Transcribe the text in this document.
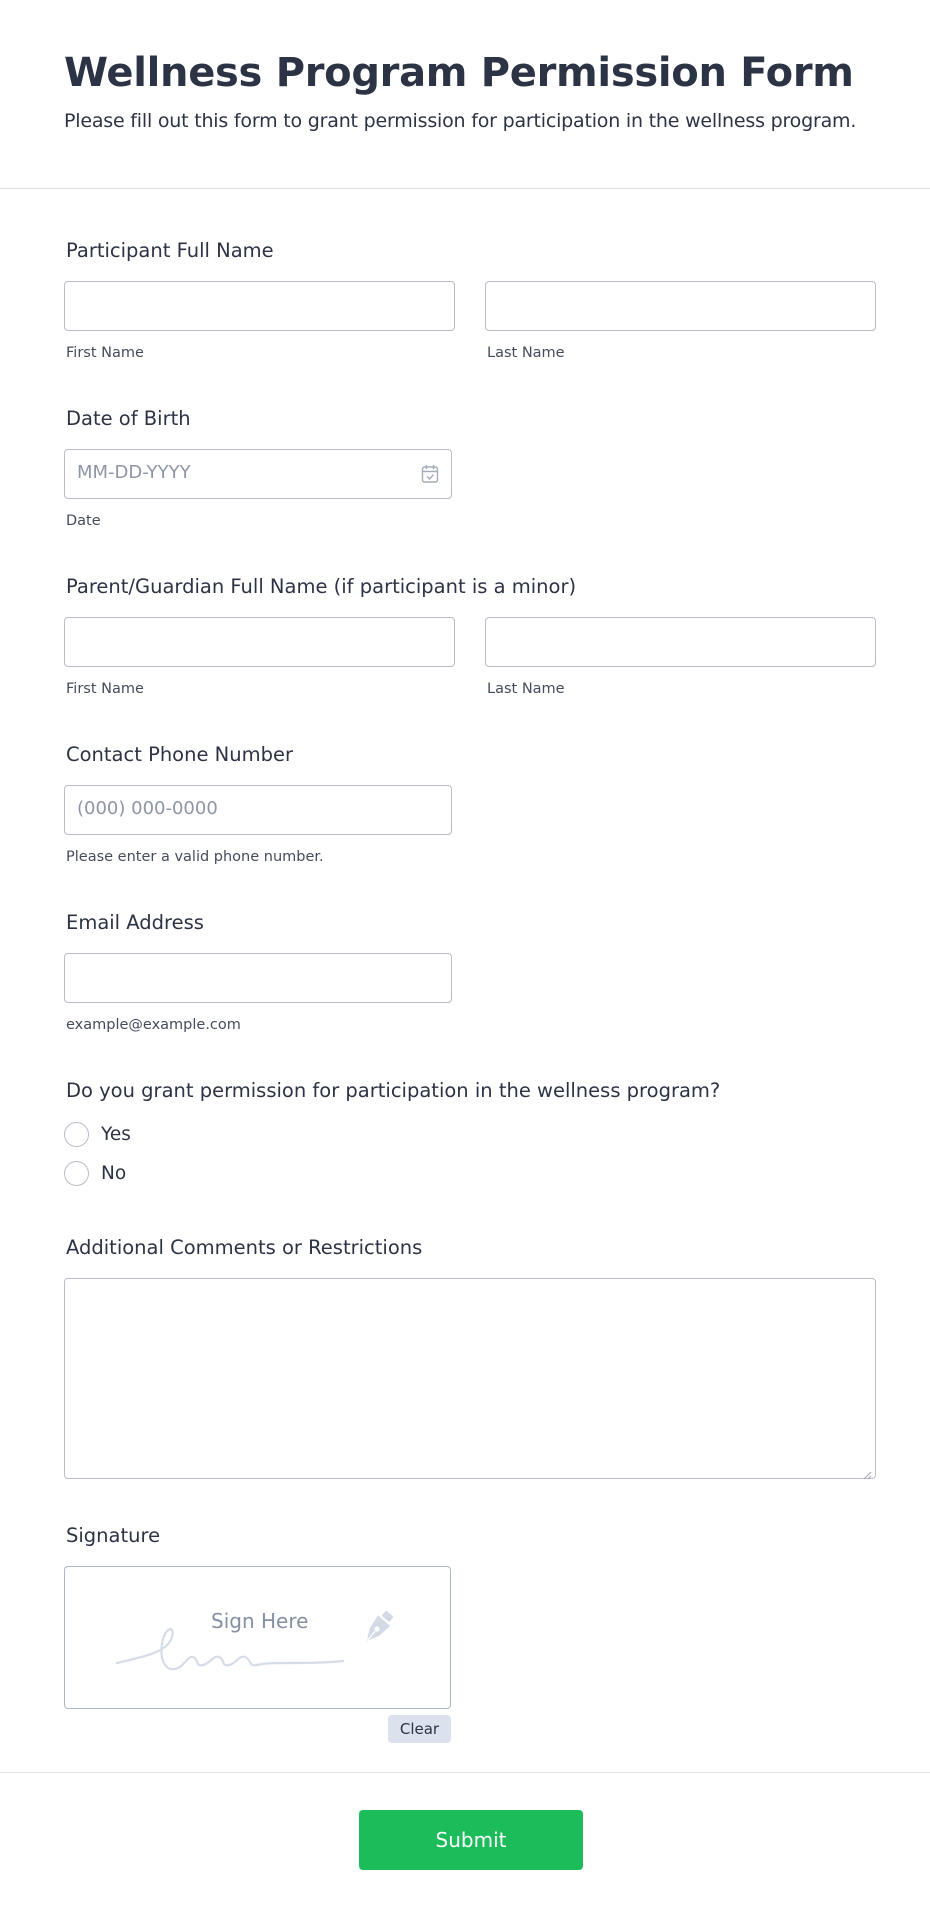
Wellness Program Permission Form
Please fill out this form to grant permission for participation in the wellness program.
Participant Full Name
First Name	Last Name
Date of Birth
MM-DD-YYYY
Date
Parent/Guardian Full Name (if participant is a minor)
First Name	Last Name
Contact Phone Number
(000) 000-0000
Please enter a valid phone number.
Email Address
example@example.com
Do you grant permission for participation in the wellness program?
Yes
No
Additional Comments or Restrictions
Signature
Sign Here
Clear
Submit
